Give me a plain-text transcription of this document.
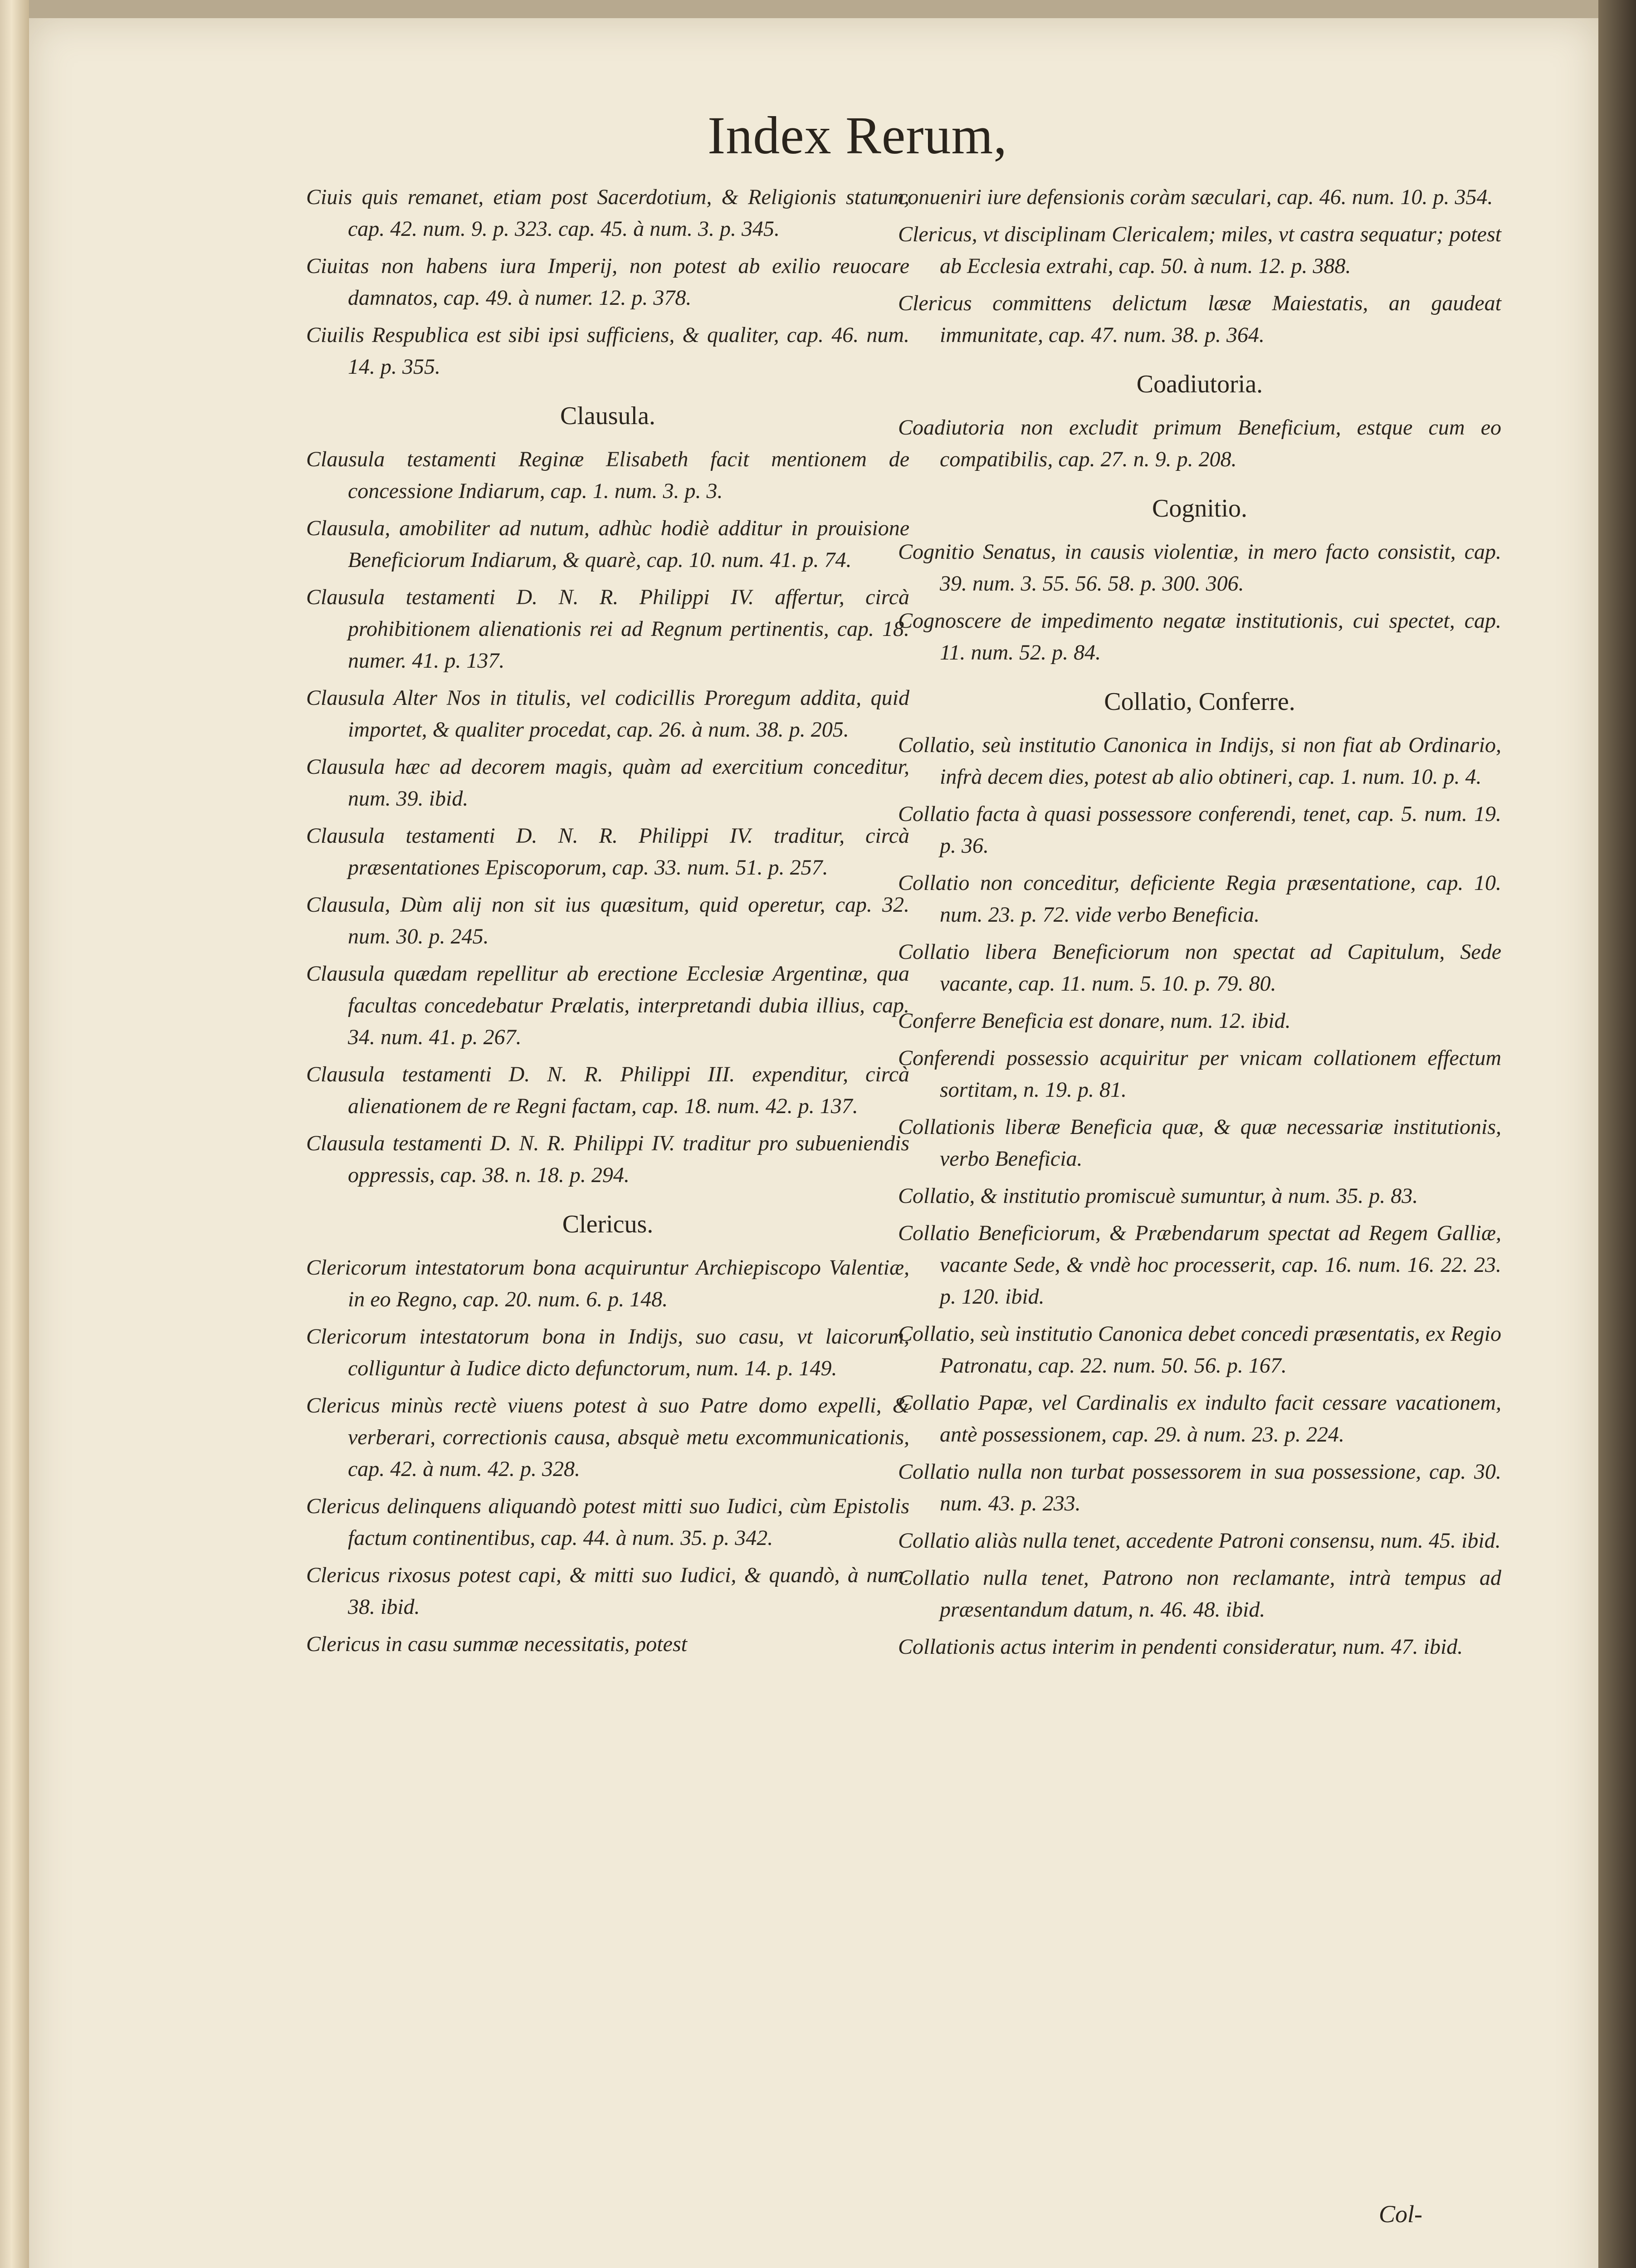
Index Rerum,
Ciuis quis remanet, etiam post Sacerdotium, & Religionis statum, cap. 42. num. 9. p. 323. cap. 45. à num. 3. p. 345.
Ciuitas non habens iura Imperij, non potest ab exilio reuocare damnatos, cap. 49. à numer. 12. p. 378.
Ciuilis Respublica est sibi ipsi sufficiens, & qualiter, cap. 46. num. 14. p. 355.
Clausula.
Clausula testamenti Reginæ Elisabeth facit mentionem de concessione Indiarum, cap. 1. num. 3. p. 3.
Clausula, amobiliter ad nutum, adhùc hodiè additur in prouisione Beneficiorum Indiarum, & quarè, cap. 10. num. 41. p. 74.
Clausula testamenti D. N. R. Philippi IV. affertur, circà prohibitionem alienationis rei ad Regnum pertinentis, cap. 18. numer. 41. p. 137.
Clausula Alter Nos in titulis, vel codicillis Proregum addita, quid importet, & qualiter procedat, cap. 26. à num. 38. p. 205.
Clausula hæc ad decorem magis, quàm ad exercitium conceditur, num. 39. ibid.
Clausula testamenti D. N. R. Philippi IV. traditur, circà præsentationes Episcoporum, cap. 33. num. 51. p. 257.
Clausula, Dùm alij non sit ius quæsitum, quid operetur, cap. 32. num. 30. p. 245.
Clausula quædam repellitur ab erectione Ecclesiæ Argentinæ, qua facultas concedebatur Prælatis, interpretandi dubia illius, cap. 34. num. 41. p. 267.
Clausula testamenti D. N. R. Philippi III. expenditur, circà alienationem de re Regni factam, cap. 18. num. 42. p. 137.
Clausula testamenti D. N. R. Philippi IV. traditur pro subueniendis oppressis, cap. 38. n. 18. p. 294.
Clericus.
Clericorum intestatorum bona acquiruntur Archiepiscopo Valentiæ, in eo Regno, cap. 20. num. 6. p. 148.
Clericorum intestatorum bona in Indijs, suo casu, vt laicorum, colliguntur à Iudice dicto defunctorum, num. 14. p. 149.
Clericus minùs rectè viuens potest à suo Patre domo expelli, & verberari, correctionis causa, absquè metu excommunicationis, cap. 42. à num. 42. p. 328.
Clericus delinquens aliquandò potest mitti suo Iudici, cùm Epistolis factum continentibus, cap. 44. à num. 35. p. 342.
Clericus rixosus potest capi, & mitti suo Iudici, & quandò, à num. 38. ibid.
Clericus in casu summæ necessitatis, potest
conueniri iure defensionis coràm sæculari, cap. 46. num. 10. p. 354.
Clericus, vt disciplinam Clericalem; miles, vt castra sequatur; potest ab Ecclesia extrahi, cap. 50. à num. 12. p. 388.
Clericus committens delictum læsæ Maiestatis, an gaudeat immunitate, cap. 47. num. 38. p. 364.
Coadiutoria.
Coadiutoria non excludit primum Beneficium, estque cum eo compatibilis, cap. 27. n. 9. p. 208.
Cognitio.
Cognitio Senatus, in causis violentiæ, in mero facto consistit, cap. 39. num. 3. 55. 56. 58. p. 300. 306.
Cognoscere de impedimento negatæ institutionis, cui spectet, cap. 11. num. 52. p. 84.
Collatio, Conferre.
Collatio, seù institutio Canonica in Indijs, si non fiat ab Ordinario, infrà decem dies, potest ab alio obtineri, cap. 1. num. 10. p. 4.
Collatio facta à quasi possessore conferendi, tenet, cap. 5. num. 19. p. 36.
Collatio non conceditur, deficiente Regia præsentatione, cap. 10. num. 23. p. 72. vide verbo Beneficia.
Collatio libera Beneficiorum non spectat ad Capitulum, Sede vacante, cap. 11. num. 5. 10. p. 79. 80.
Conferre Beneficia est donare, num. 12. ibid.
Conferendi possessio acquiritur per vnicam collationem effectum sortitam, n. 19. p. 81.
Collationis liberæ Beneficia quæ, & quæ necessariæ institutionis, verbo Beneficia.
Collatio, & institutio promiscuè sumuntur, à num. 35. p. 83.
Collatio Beneficiorum, & Præbendarum spectat ad Regem Galliæ, vacante Sede, & vndè hoc processerit, cap. 16. num. 16. 22. 23. p. 120. ibid.
Collatio, seù institutio Canonica debet concedi præsentatis, ex Regio Patronatu, cap. 22. num. 50. 56. p. 167.
Collatio Papæ, vel Cardinalis ex indulto facit cessare vacationem, antè possessionem, cap. 29. à num. 23. p. 224.
Collatio nulla non turbat possessorem in sua possessione, cap. 30. num. 43. p. 233.
Collatio aliàs nulla tenet, accedente Patroni consensu, num. 45. ibid.
Collatio nulla tenet, Patrono non reclamante, intrà tempus ad præsentandum datum, n. 46. 48. ibid.
Collationis actus interim in pendenti consideratur, num. 47. ibid.
Col-
